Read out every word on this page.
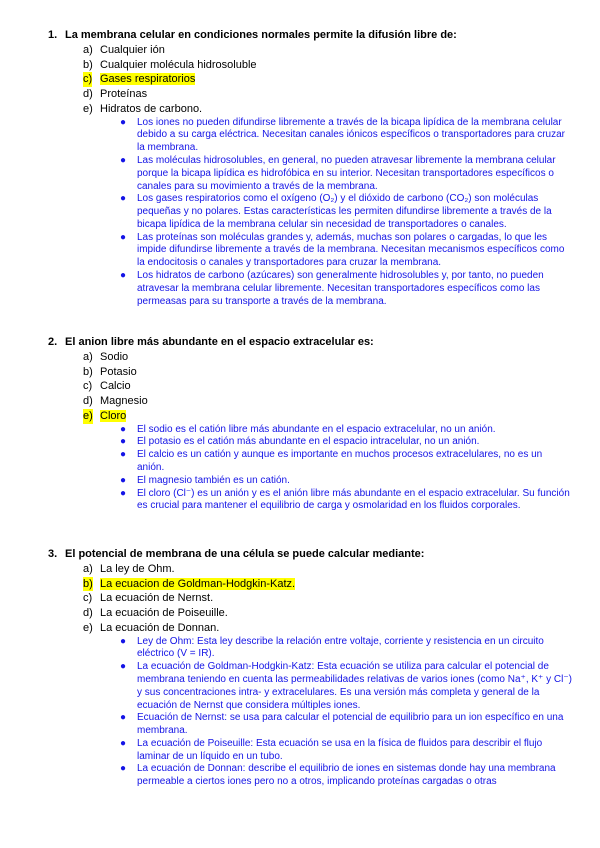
1. La membrana celular en condiciones normales permite la difusión libre de:
a) Cualquier ión
b) Cualquier molécula hidrosoluble
c) Gases respiratorios
d) Proteínas
e) Hidratos de carbono.
● Los iones no pueden difundirse libremente a través de la bicapa lipídica de la membrana celular debido a su carga eléctrica. Necesitan canales iónicos específicos o transportadores para cruzar la membrana.
● Las moléculas hidrosolubles, en general, no pueden atravesar libremente la membrana celular porque la bicapa lipídica es hidrofóbica en su interior. Necesitan transportadores específicos o canales para su movimiento a través de la membrana.
● Los gases respiratorios como el oxígeno (O₂) y el dióxido de carbono (CO₂) son moléculas pequeñas y no polares. Estas características les permiten difundirse libremente a través de la bicapa lipídica de la membrana celular sin necesidad de transportadores o canales.
● Las proteínas son moléculas grandes y, además, muchas son polares o cargadas, lo que les impide difundirse libremente a través de la membrana. Necesitan mecanismos específicos como la endocitosis o canales y transportadores para cruzar la membrana.
● Los hidratos de carbono (azúcares) son generalmente hidrosolubles y, por tanto, no pueden atravesar la membrana celular libremente. Necesitan transportadores específicos como las permeasas para su transporte a través de la membrana.
2. El anion libre más abundante en el espacio extracelular es:
a) Sodio
b) Potasio
c) Calcio
d) Magnesio
e) Cloro
● El sodio es el catión libre más abundante en el espacio extracelular, no un anión.
● El potasio es el catión más abundante en el espacio intracelular, no un anión.
● El calcio es un catión y aunque es importante en muchos procesos extracelulares, no es un anión.
● El magnesio también es un catión.
● El cloro (Cl⁻) es un anión y es el anión libre más abundante en el espacio extracelular. Su función es crucial para mantener el equilibrio de carga y osmolaridad en los fluidos corporales.
3. El potencial de membrana de una célula se puede calcular mediante:
a) La ley de Ohm.
b) La ecuacion de Goldman-Hodgkin-Katz.
c) La ecuación de Nernst.
d) La ecuación de Poiseuille.
e) La ecuación de Donnan.
● Ley de Ohm: Esta ley describe la relación entre voltaje, corriente y resistencia en un circuito eléctrico (V = IR).
● La ecuación de Goldman-Hodgkin-Katz: Esta ecuación se utiliza para calcular el potencial de membrana teniendo en cuenta las permeabilidades relativas de varios iones (como Na⁺, K⁺ y Cl⁻) y sus concentraciones intra- y extracelulares. Es una versión más completa y general de la ecuación de Nernst que considera múltiples iones.
● Ecuación de Nernst: se usa para calcular el potencial de equilibrio para un ion específico en una membrana.
● La ecuación de Poiseuille: Esta ecuación se usa en la física de fluidos para describir el flujo laminar de un líquido en un tubo.
● La ecuación de Donnan: describe el equilibrio de iones en sistemas donde hay una membrana permeable a ciertos iones pero no a otros, implicando proteínas cargadas o otras
